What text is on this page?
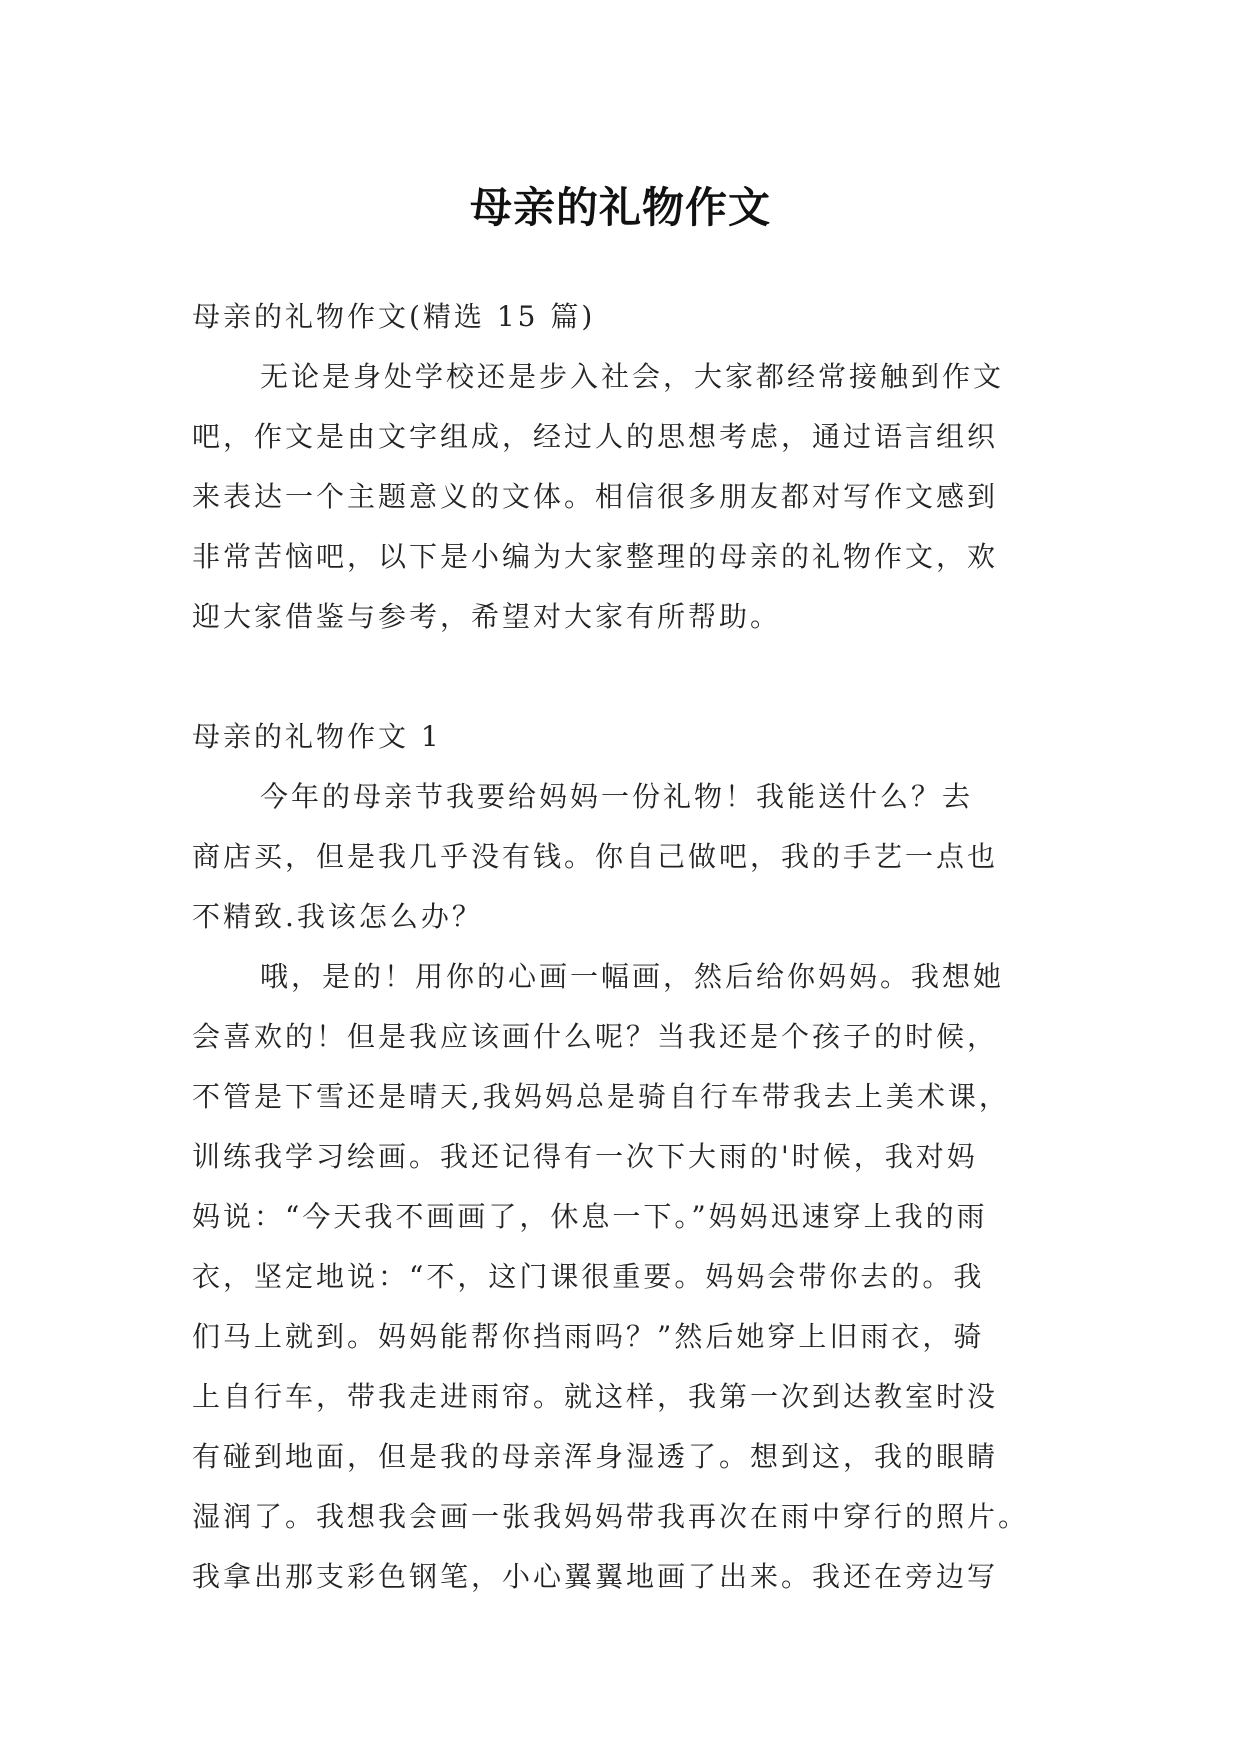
母亲的礼物作文

母亲的礼物作文(精选 15 篇)

无论是身处学校还是步入社会，大家都经常接触到作文

吧，作文是由文字组成，经过人的思想考虑，通过语言组织

来表达一个主题意义的文体。相信很多朋友都对写作文感到

非常苦恼吧，以下是小编为大家整理的母亲的礼物作文，欢

迎大家借鉴与参考，希望对大家有所帮助。

母亲的礼物作文 1

今年的母亲节我要给妈妈一份礼物！我能送什么？去

商店买，但是我几乎没有钱。你自己做吧，我的手艺一点也

不精致.我该怎么办？

哦，是的！用你的心画一幅画，然后给你妈妈。我想她

会喜欢的！但是我应该画什么呢？当我还是个孩子的时候，

不管是下雪还是晴天,我妈妈总是骑自行车带我去上美术课，

训练我学习绘画。我还记得有一次下大雨的'时候，我对妈

妈说：“今天我不画画了，休息一下。”妈妈迅速穿上我的雨

衣，坚定地说：“不，这门课很重要。妈妈会带你去的。我

们马上就到。妈妈能帮你挡雨吗？”然后她穿上旧雨衣，骑

上自行车，带我走进雨帘。就这样，我第一次到达教室时没

有碰到地面，但是我的母亲浑身湿透了。想到这，我的眼睛

湿润了。我想我会画一张我妈妈带我再次在雨中穿行的照片。

我拿出那支彩色钢笔，小心翼翼地画了出来。我还在旁边写
